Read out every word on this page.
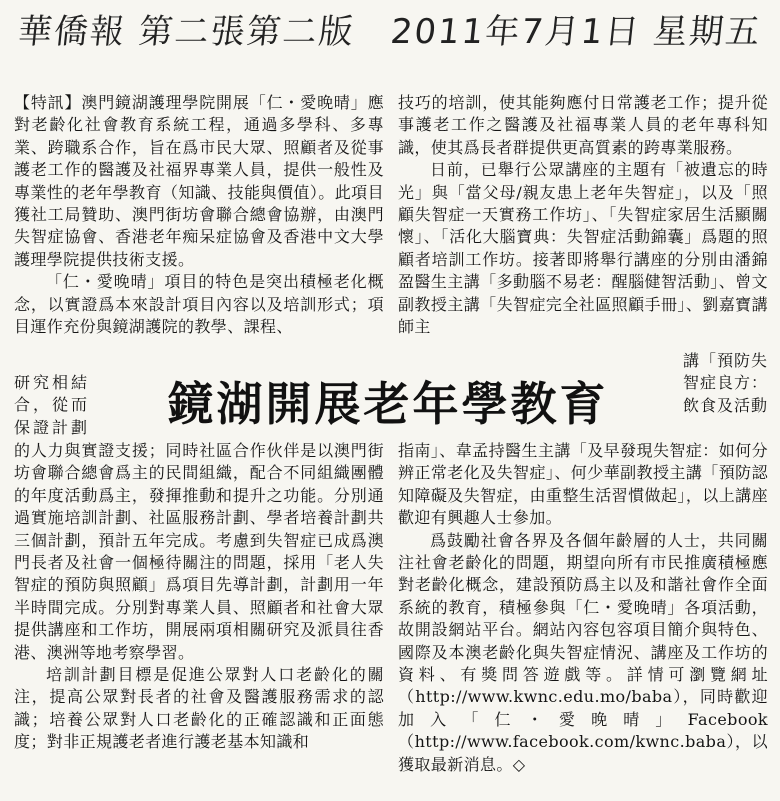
華僑報 第二張第二版　2011年7月1日 星期五

【特訊】澳門鏡湖護理學院開展「仁・愛晚晴」應對老齡化社會教育系統工程，通過多學科、多專業、跨職系合作，旨在爲市民大眾、照顧者及從事護老工作的醫護及社福界專業人員，提供一般性及專業性的老年學教育（知識、技能與價值）。此項目獲社工局贊助、澳門街坊會聯合總會協辦，由澳門失智症協會、香港老年痴呆症協會及香港中文大學護理學院提供技術支援。

「仁・愛晚晴」項目的特色是突出積極老化概念，以實證爲本來設計項目內容以及培訓形式；項目運作充份與鏡湖護院的教學、課程、

研究相結合，從而保證計劃	鏡湖開展老年學教育
講「預防失智症良方：飲食及活動

的人力與實證支援；同時社區合作伙伴是以澳門街坊會聯合總會爲主的民間組織，配合不同組織團體的年度活動爲主，發揮推動和提升之功能。分別通過實施培訓計劃、社區服務計劃、學者培養計劃共三個計劃，預計五年完成。考慮到失智症已成爲澳門長者及社會一個極待關注的問題，採用「老人失智症的預防與照顧」爲項目先導計劃，計劃用一年半時間完成。分別對專業人員、照顧者和社會大眾提供講座和工作坊，開展兩項相關研究及派員往香港、澳洲等地考察學習。

培訓計劃目標是促進公眾對人口老齡化的關注，提高公眾對長者的社會及醫護服務需求的認識；培養公眾對人口老齡化的正確認識和正面態度；對非正規護老者進行護老基本知識和

技巧的培訓，使其能夠應付日常護老工作；提升從事護老工作之醫護及社福專業人員的老年專科知識，使其爲長者群提供更高質素的跨專業服務。

日前，已舉行公眾講座的主題有「被遺忘的時光」與「當父母/親友患上老年失智症」，以及「照顧失智症一天實務工作坊」、「失智症家居生活顯關懷」、「活化大腦寶典：失智症活動錦囊」爲題的照顧者培訓工作坊。接著即將舉行講座的分別由潘錦盈醫生主講「多動腦不易老：醒腦健智活動」、曾文副教授主講「失智症完全社區照顧手冊」、劉嘉寶講師主

指南」、韋孟持醫生主講「及早發現失智症：如何分辨正常老化及失智症」、何少華副教授主講「預防認知障礙及失智症，由重整生活習慣做起」，以上講座歡迎有興趣人士參加。

爲鼓勵社會各界及各個年齡層的人士，共同關注社會老齡化的問題，期望向所有市民推廣積極應對老齡化概念，建設預防爲主以及和諧社會作全面系統的教育，積極參與「仁・愛晚晴」各項活動，故開設網站平台。網站內容包容項目簡介與特色、國際及本澳老齡化與失智症情況、講座及工作坊的資料、有獎問答遊戲等。詳情可瀏覽網址（http://www.kwnc.edu.mo/baba），同時歡迎加入「仁・愛晚晴」Facebook（http://www.facebook.com/kwnc.baba），以獲取最新消息。◇
